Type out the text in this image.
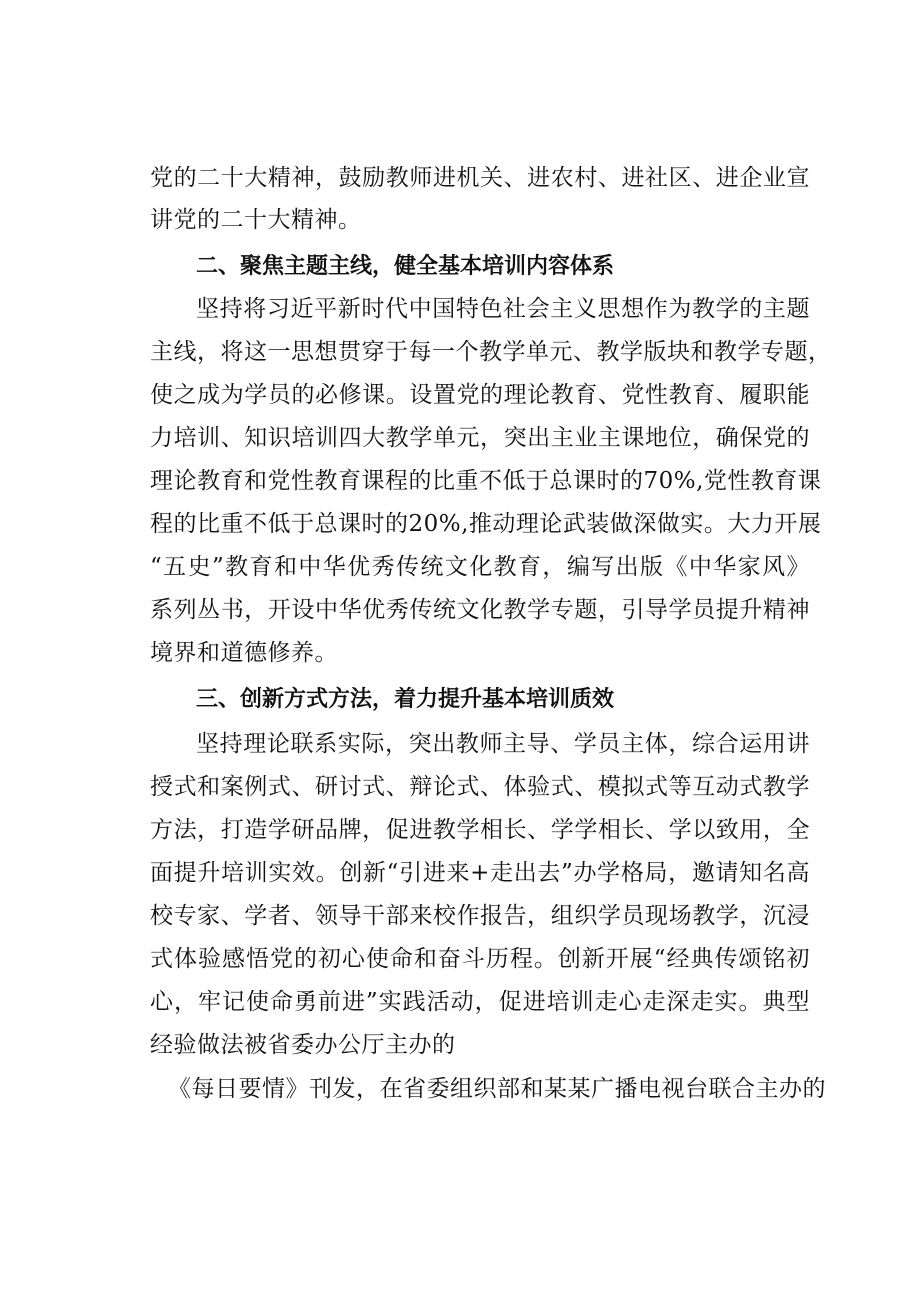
党的二十大精神，鼓励教师进机关、进农村、进社区、进企业宣
讲党的二十大精神。
二、聚焦主题主线，健全基本培训内容体系
坚持将习近平新时代中国特色社会主义思想作为教学的主题
主线，将这一思想贯穿于每一个教学单元、教学版块和教学专题，
使之成为学员的必修课。设置党的理论教育、党性教育、履职能
力培训、知识培训四大教学单元，突出主业主课地位，确保党的
理论教育和党性教育课程的比重不低于总课时的70%,党性教育课
程的比重不低于总课时的20%,推动理论武装做深做实。大力开展
“五史”教育和中华优秀传统文化教育，编写出版《中华家风》
系列丛书，开设中华优秀传统文化教学专题，引导学员提升精神
境界和道德修养。
三、创新方式方法，着力提升基本培训质效
坚持理论联系实际，突出教师主导、学员主体，综合运用讲
授式和案例式、研讨式、辩论式、体验式、模拟式等互动式教学
方法，打造学研品牌，促进教学相长、学学相长、学以致用，全
面提升培训实效。创新“引进来+走出去”办学格局，邀请知名高
校专家、学者、领导干部来校作报告，组织学员现场教学，沉浸
式体验感悟党的初心使命和奋斗历程。创新开展“经典传颂铭初
心，牢记使命勇前进”实践活动，促进培训走心走深走实。典型
经验做法被省委办公厅主办的
《每日要情》刊发，在省委组织部和某某广播电视台联合主办的
